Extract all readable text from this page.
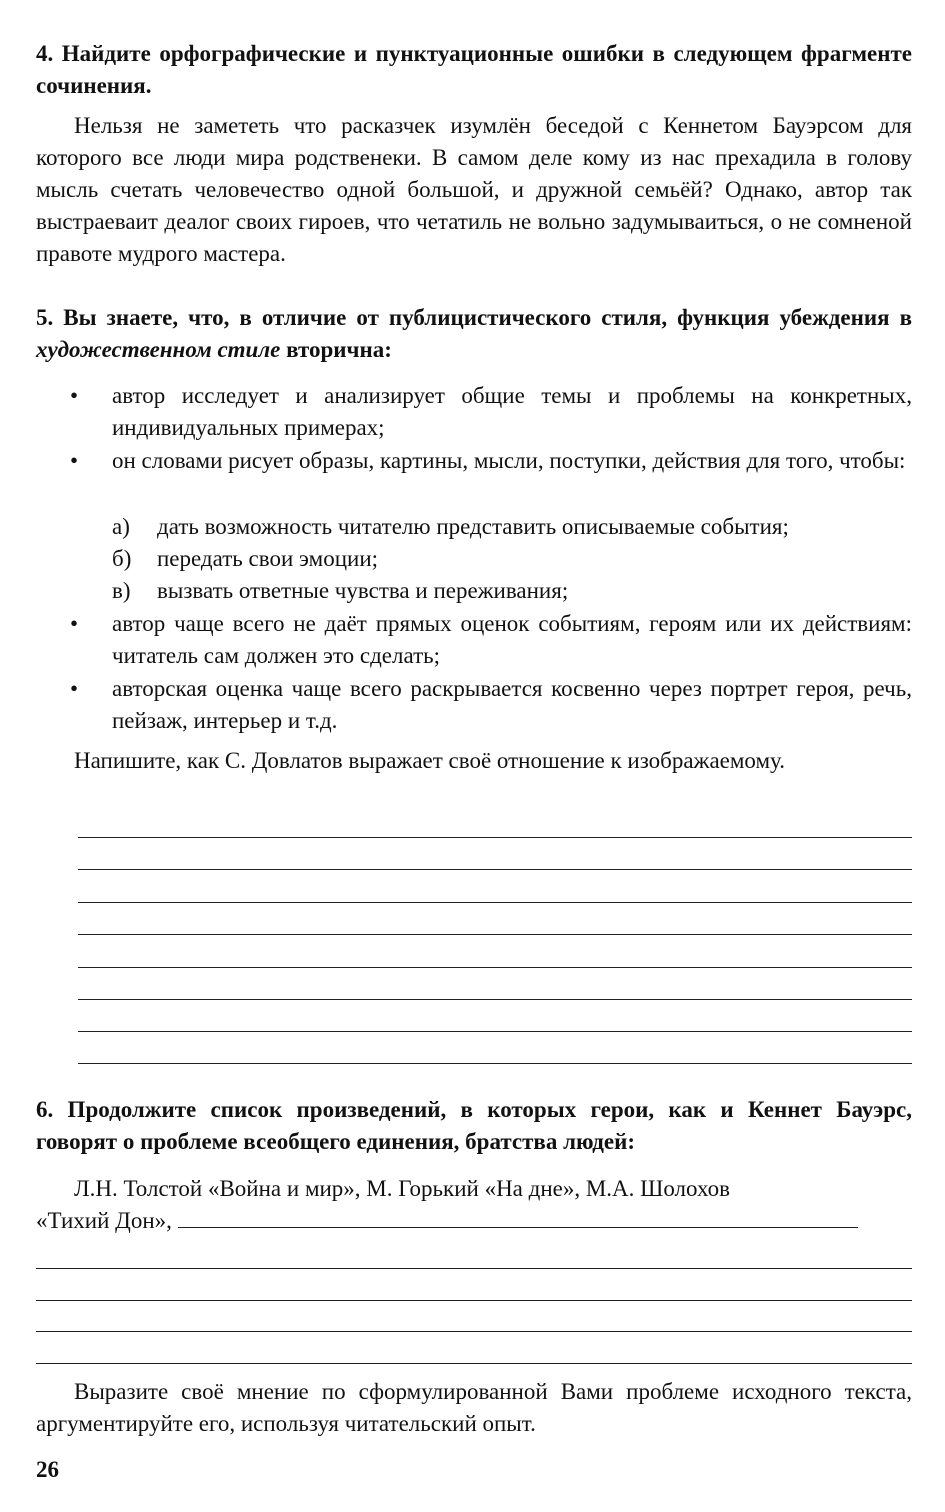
4. Найдите орфографические и пунктуационные ошибки в следующем фрагменте сочинения.

Нельзя не замететь что расказчек изумлён беседой с Кеннетом Бауэрсом для которого все люди мира родственеки. В самом деле кому из нас прехадила в голову мысль счетать человечество одной большой, и дружной семьёй? Однако, автор так выстраеваит деалог своих гироев, что четатиль не вольно задумываиться, о не сомненой правоте мудрого мастера.

5. Вы знаете, что, в отличие от публицистического стиля, функция убеждения в художественном стиле вторична:

• автор исследует и анализирует общие темы и проблемы на конкретных, индивидуальных примерах;

• он словами рисует образы, картины, мысли, поступки, действия для того, чтобы:

а) дать возможность читателю представить описываемые события;
б) передать свои эмоции;
в) вызвать ответные чувства и переживания;
• автор чаще всего не даёт прямых оценок событиям, героям или их действиям: читатель сам должен это сделать;

• авторская оценка чаще всего раскрывается косвенно через портрет героя, речь, пейзаж, интерьер и т.д.

Напишите, как С. Довлатов выражает своё отношение к изображаемому.

6. Продолжите список произведений, в которых герои, как и Кеннет Бауэрс, говорят о проблеме всеобщего единения, братства людей:

Л.Н. Толстой «Война и мир», М. Горький «На дне», М.А. Шолохов

«Тихий Дон»,

Выразите своё мнение по сформулированной Вами проблеме исходного текста, аргументируйте его, используя читательский опыт.

26
